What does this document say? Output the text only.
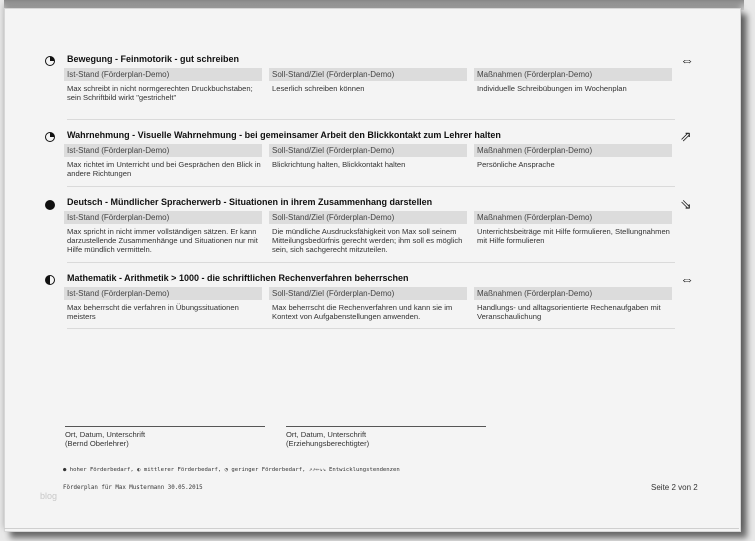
Bewegung - Feinmotorik - gut schreiben	⇔
Ist-Stand (Förderplan-Demo)
Max schreibt in nicht normgerechten Druckbuchstaben; sein Schriftbild wirkt "gestrichelt"
Soll-Stand/Ziel (Förderplan-Demo)
Leserlich schreiben können
Maßnahmen (Förderplan-Demo)
Individuelle Schreibübungen im Wochenplan
Wahrnehmung - Visuelle Wahrnehmung - bei gemeinsamer Arbeit den Blickkontakt zum Lehrer halten	⇗
Ist-Stand (Förderplan-Demo)
Max richtet im Unterricht und bei Gesprächen den Blick in andere Richtungen
Soll-Stand/Ziel (Förderplan-Demo)
Blickrichtung halten, Blickkontakt halten
Maßnahmen (Förderplan-Demo)
Persönliche Ansprache
Deutsch - Mündlicher Spracherwerb - Situationen in ihrem Zusammenhang darstellen	⇘
Ist-Stand (Förderplan-Demo)
Max spricht in nicht immer vollständigen sätzen. Er kann darzustellende Zusammenhänge und Situationen nur mit Hilfe mündlich vermitteln.
Soll-Stand/Ziel (Förderplan-Demo)
Die mündliche Ausdrucksfähigkeit von Max soll seinem Mitteilungsbedürfnis gerecht werden; ihm soll es möglich sein, sich sachgerecht mitzuteilen.
Maßnahmen (Förderplan-Demo)
Unterrichtsbeiträge mit Hilfe formulieren, Stellungnahmen mit Hilfe formulieren
Mathematik - Arithmetik > 1000 - die schriftlichen Rechenverfahren beherrschen	⇔
Ist-Stand (Förderplan-Demo)
Max beherrscht die verfahren in Übungssituationen meisters
Soll-Stand/Ziel (Förderplan-Demo)
Max beherrscht die Rechenverfahren und kann sie im Kontext von Aufgabenstellungen anwenden.
Maßnahmen (Förderplan-Demo)
Handlungs- und alltagsorientierte Rechenaufgaben mit Veranschaulichung
Ort, Datum, Unterschrift
(Bernd Oberlehrer)
Ort, Datum, Unterschrift
(Erziehungsberechtigter)
● hoher Förderbedarf, ◐ mittlerer Förderbedarf, ◔ geringer Förderbedarf, ⇗⇗⇔⇘⇘ Entwicklungstendenzen
Förderplan für Max Mustermann 30.05.2015	Seite 2 von 2
blog
